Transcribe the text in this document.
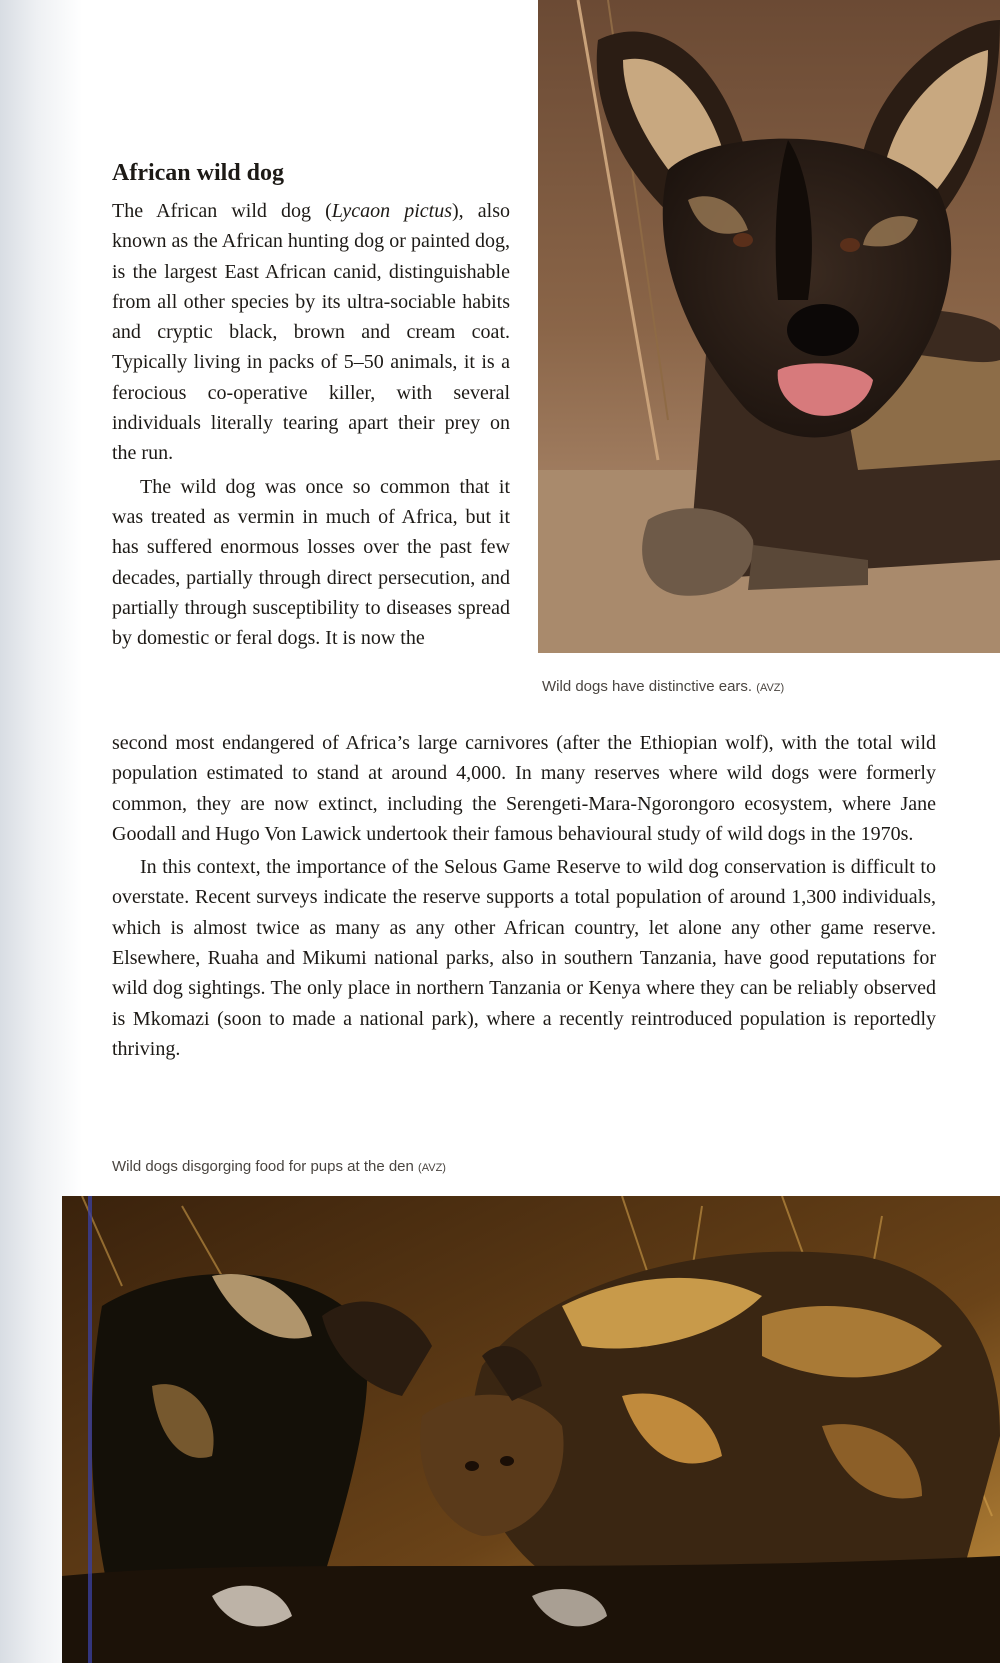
Wild dogs have distinctive ears. (AVZ)
African wild dog

The African wild dog (Lycaon pictus), also known as the African hunting dog or painted dog, is the largest East African canid, distinguishable from all other species by its ultra-sociable habits and cryptic black, brown and cream coat. Typically living in packs of 5–50 animals, it is a ferocious co-operative killer, with several individuals literally tearing apart their prey on the run.

The wild dog was once so common that it was treated as vermin in much of Africa, but it has suffered enormous losses over the past few decades, partially through direct persecution, and partially through susceptibility to diseases spread by domestic or feral dogs. It is now the

second most endangered of Africa’s large carnivores (after the Ethiopian wolf), with the total wild population estimated to stand at around 4,000. In many reserves where wild dogs were formerly common, they are now extinct, including the Serengeti-Mara-Ngorongoro ecosystem, where Jane Goodall and Hugo Von Lawick undertook their famous behavioural study of wild dogs in the 1970s.

In this context, the importance of the Selous Game Reserve to wild dog conservation is difficult to overstate. Recent surveys indicate the reserve supports a total population of around 1,300 individuals, which is almost twice as many as any other African country, let alone any other game reserve. Elsewhere, Ruaha and Mikumi national parks, also in southern Tanzania, have good reputations for wild dog sightings. The only place in northern Tanzania or Kenya where they can be reliably observed is Mkomazi (soon to made a national park), where a recently reintroduced population is reportedly thriving.

Wild dogs disgorging food for pups at the den (AVZ)
